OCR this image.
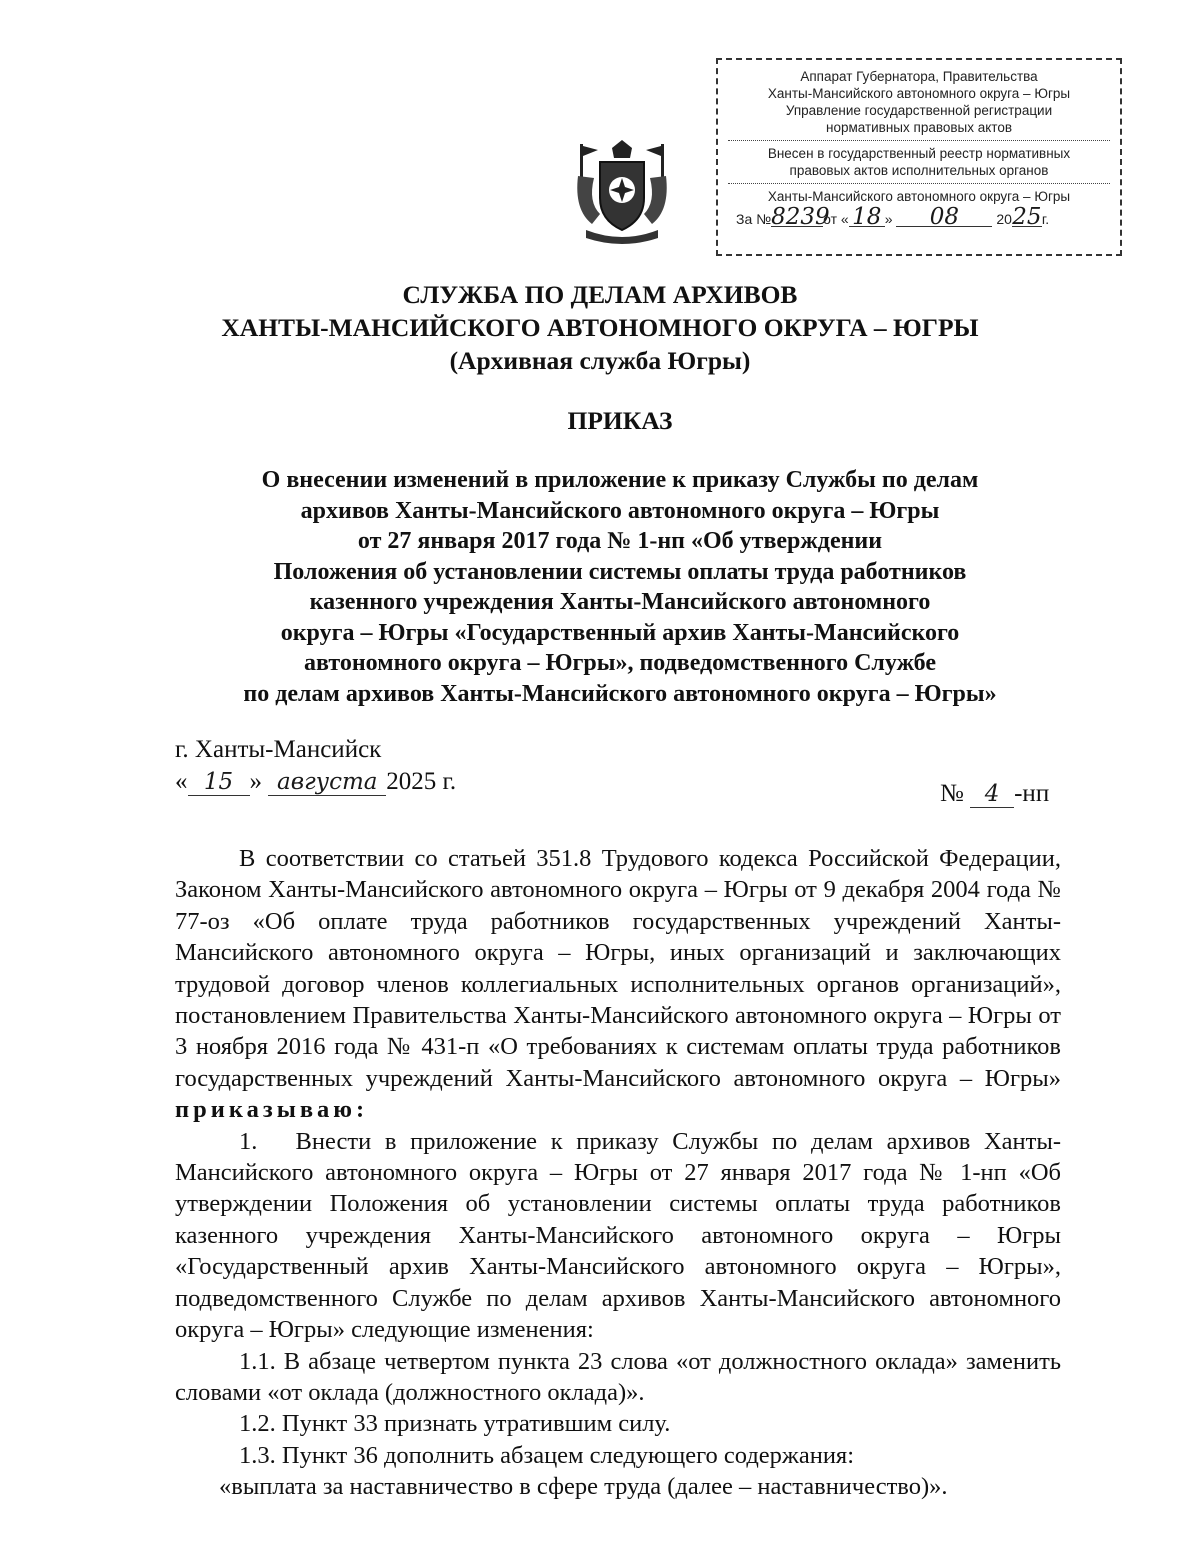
Аппарат Губернатора, Правительства
Ханты-Мансийского автономного округа – Югры
Управление государственной регистрации
нормативных правовых актов
Внесен в государственный реестр нормативных
правовых актов исполнительных органов
Ханты-Мансийского автономного округа – Югры
За №8239от « 18 » 08	2025г.
СЛУЖБА ПО ДЕЛАМ АРХИВОВ
ХАНТЫ-МАНСИЙСКОГО АВТОНОМНОГО ОКРУГА – ЮГРЫ
(Архивная служба Югры)
ПРИКАЗ
О внесении изменений в приложение к приказу Службы по делам
архивов Ханты-Мансийского автономного округа – Югры
от 27 января 2017 года № 1-нп «Об утверждении
Положения об установлении системы оплаты труда работников
казенного учреждения Ханты-Мансийского автономного
округа – Югры «Государственный архив Ханты-Мансийского
автономного округа – Югры», подведомственного Службе
по делам архивов Ханты-Мансийского автономного округа – Югры»
г. Ханты-Мансийск
« 15 » августа 2025 г.	№ 4 -нп

В соответствии со статьей 351.8 Трудового кодекса Российской Федерации, Законом Ханты-Мансийского автономного округа – Югры от 9 декабря 2004 года № 77-оз «Об оплате труда работников государственных учреждений Ханты-Мансийского автономного округа – Югры, иных организаций и заключающих трудовой договор членов коллегиальных исполнительных органов организаций», постановлением Правительства Ханты-Мансийского автономного округа – Югры от 3 ноября 2016 года № 431-п «О требованиях к системам оплаты труда работников государственных учреждений Ханты-Мансийского автономного округа – Югры» приказываю:

1.  Внести в приложение к приказу Службы по делам архивов Ханты-Мансийского автономного округа – Югры от 27 января 2017 года № 1-нп «Об утверждении Положения об установлении системы оплаты труда работников казенного учреждения Ханты-Мансийского автономного округа – Югры «Государственный архив Ханты-Мансийского автономного округа – Югры», подведомственного Службе по делам архивов Ханты-Мансийского автономного округа – Югры» следующие изменения:

1.1. В абзаце четвертом пункта 23 слова «от должностного оклада» заменить словами «от оклада (должностного оклада)».

1.2. Пункт 33 признать утратившим силу.

1.3. Пункт 36 дополнить абзацем следующего содержания:

«выплата за наставничество в сфере труда (далее – наставничество)».
